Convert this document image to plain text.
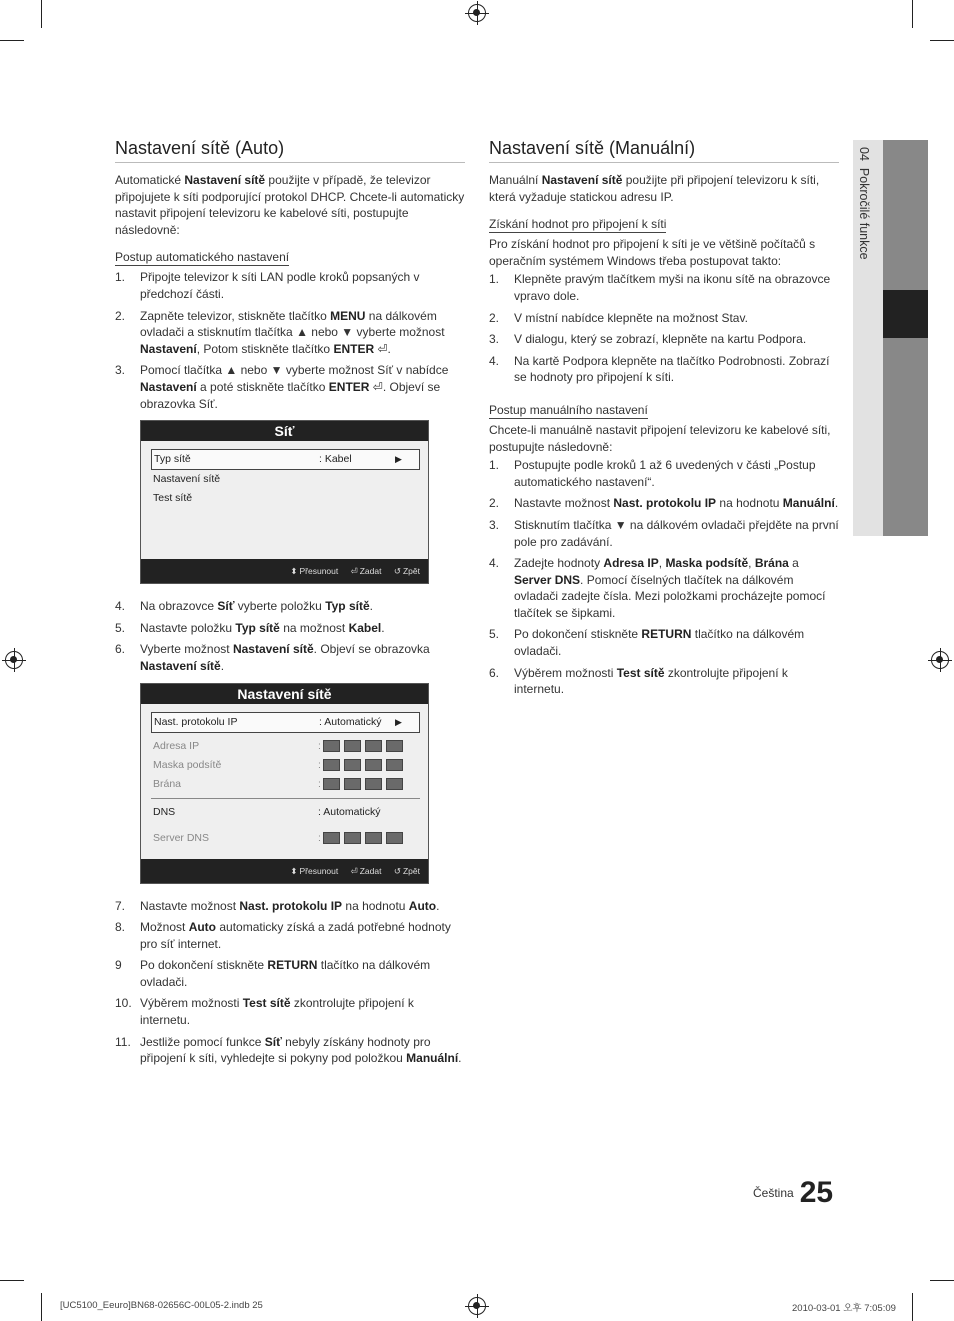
Nastavení sítě (Auto)
Automatické Nastavení sítě použijte v případě, že televizor připojujete k síti podporující protokol DHCP. Chcete-li automaticky nastavit připojení televizoru ke kabelové síti, postupujte následovně:
Postup automatického nastavení
1. Připojte televizor k síti LAN podle kroků popsaných v předchozí části.
2. Zapněte televizor, stiskněte tlačítko MENU na dálkovém ovladači a stisknutím tlačítka ▲ nebo ▼ vyberte možnost Nastavení, Potom stiskněte tlačítko ENTER ⏎.
3. Pomocí tlačítka ▲ nebo ▼ vyberte možnost Síť v nabídce Nastavení a poté stiskněte tlačítko ENTER ⏎. Objeví se obrazovka Síť.
Síť
Typ sítě	: Kabel	▶
Nastavení sítě
Test sítě
⬍ Přesunout ⏎ Zadat ↺ Zpět
4. Na obrazovce Síť vyberte položku Typ sítě.
5. Nastavte položku Typ sítě na možnost Kabel.
6. Vyberte možnost Nastavení sítě. Objeví se obrazovka Nastavení sítě.
Nastavení sítě
Nast. protokolu IP	: Automatický ▶
Adresa IP	:
Maska podsítě	:
Brána	:
DNS	: Automatický
Server DNS	:
⬍ Přesunout ⏎ Zadat ↺ Zpět
7. Nastavte možnost Nast. protokolu IP na hodnotu Auto.
8. Možnost Auto automaticky získá a zadá potřebné hodnoty pro síť internet.
9 Po dokončení stiskněte RETURN tlačítko na dálkovém ovladači.
10. Výběrem možnosti Test sítě zkontrolujte připojení k internetu.
11. Jestliže pomocí funkce Síť nebyly získány hodnoty pro připojení k síti, vyhledejte si pokyny pod položkou Manuální.
Nastavení sítě (Manuální)
Manuální Nastavení sítě použijte při připojení televizoru k síti, která vyžaduje statickou adresu IP.
Získání hodnot pro připojení k síti
Pro získání hodnot pro připojení k síti je ve většině počítačů s operačním systémem Windows třeba postupovat takto:
1. Klepněte pravým tlačítkem myši na ikonu sítě na obrazovce vpravo dole.
2. V místní nabídce klepněte na možnost Stav.
3. V dialogu, který se zobrazí, klepněte na kartu Podpora.
4. Na kartě Podpora klepněte na tlačítko Podrobnosti. Zobrazí se hodnoty pro připojení k síti.
Postup manuálního nastavení
Chcete-li manuálně nastavit připojení televizoru ke kabelové síti, postupujte následovně:
1. Postupujte podle kroků 1 až 6 uvedených v části „Postup automatického nastavení“.
2. Nastavte možnost Nast. protokolu IP na hodnotu Manuální.
3. Stisknutím tlačítka ▼ na dálkovém ovladači přejděte na první pole pro zadávání.
4. Zadejte hodnoty Adresa IP, Maska podsítě, Brána a Server DNS. Pomocí číselných tlačítek na dálkovém ovladači zadejte čísla. Mezi položkami procházejte pomocí tlačítek se šipkami.
5. Po dokončení stiskněte RETURN tlačítko na dálkovém ovladači.
6. Výběrem možnosti Test sítě zkontrolujte připojení k internetu.
04  Pokročilé funkce
$^{Čeština}$ 25
[UC5100_Eeuro]BN68-02656C-00L05-2.indb 25	2010-03-01 오후 7:05:09
